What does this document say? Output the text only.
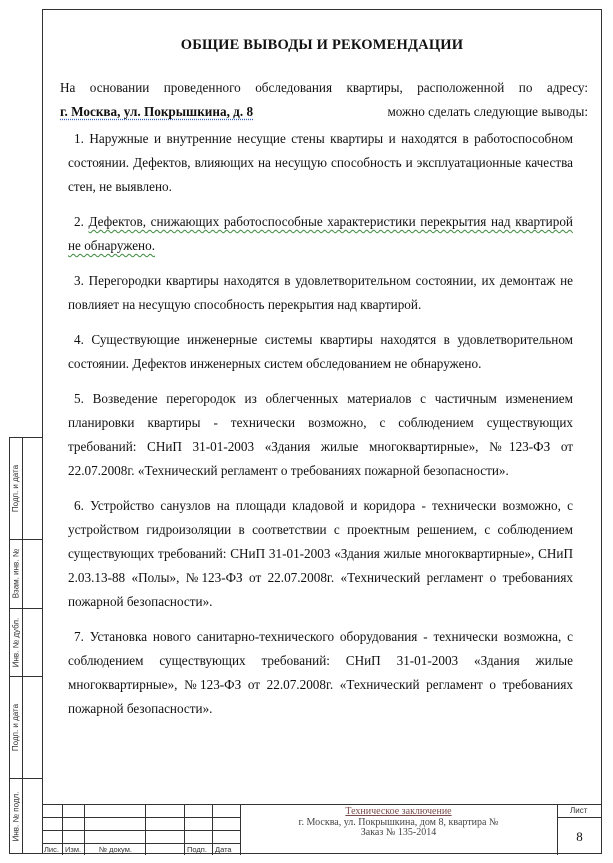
Подп. и дата
Взам. инв. №
Инв. № дубл.
Подп. и дата
Инв. № подл.
ОБЩИЕ ВЫВОДЫ И РЕКОМЕНДАЦИИ
На основании проведенного обследования квартиры, расположенной по адресу:
г. Москва, ул. Покрышкина, д. 8	можно сделать следующие выводы:

1. Наружные и внутренние несущие стены квартиры и находятся в работоспособном состоянии. Дефектов, влияющих на несущую способность и эксплуатационные качества стен, не выявлено.

2. Дефектов, снижающих работоспособные характеристики перекрытия над квартирой не обнаружено.

3. Перегородки квартиры находятся в удовлетворительном состоянии, их демонтаж не повлияет на несущую способность перекрытия над квартирой.

4. Существующие инженерные системы квартиры находятся в удовлетворительном состоянии. Дефектов инженерных систем обследованием не обнаружено.

5. Возведение перегородок из облегченных материалов с частичным изменением планировки квартиры - технически возможно, с соблюдением существующих требований: СНиП 31-01-2003 «Здания жилые многоквартирные», №123-ФЗ от 22.07.2008г. «Технический регламент о требованиях пожарной безопасности».

6. Устройство санузлов на площади кладовой и коридора - технически возможно, с устройством гидроизоляции в соответствии с проектным решением, с соблюдением существующих требований: СНиП 31-01-2003 «Здания жилые многоквартирные», СНиП 2.03.13-88 «Полы», №123-ФЗ от 22.07.2008г. «Технический регламент о требованиях пожарной безопасности».

7. Установка нового санитарно-технического оборудования - технически возможна, с соблюдением существующих требований: СНиП 31-01-2003 «Здания жилые многоквартирные», №123-ФЗ от 22.07.2008г. «Технический регламент о требованиях пожарной безопасности».

Лис. Изм. № докум.	Подп. Дата
Техническое заключение
г. Москва, ул. Покрышкина, дом 8, квартира №
Заказ № 135-2014
Лист
8
